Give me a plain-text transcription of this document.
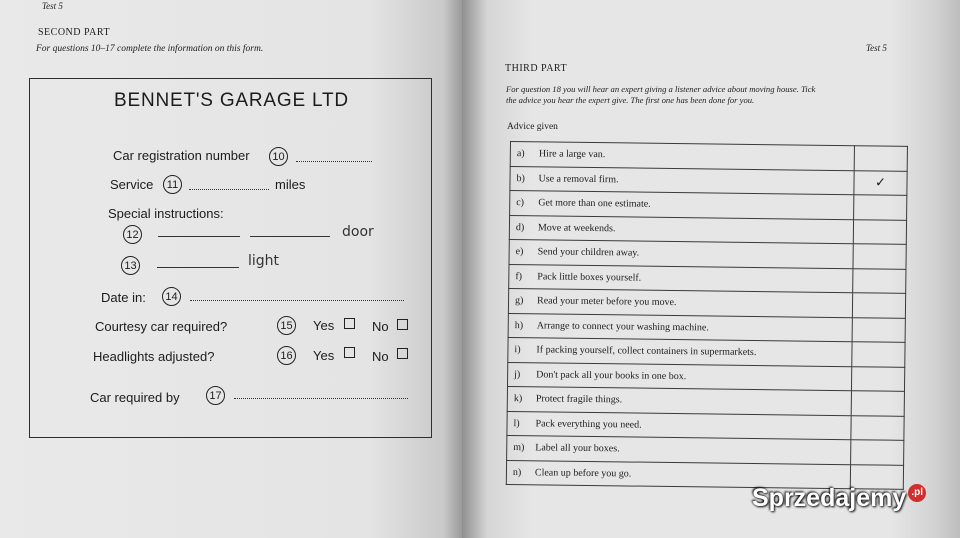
Test 5
SECOND PART
For questions 10–17 complete the information on this form.
BENNET'S GARAGE LTD
Car registration number	10
Service	11	miles
Special instructions:
12	door
13	light
Date in:	14
Courtesy car required?	15 Yes	No
Headlights adjusted?	16 Yes	No
Car required by	17
Test 5
THIRD PART
For question 18 you will hear an expert giving a listener advice about moving house. Tick
the advice you hear the expert give. The first one has been done for you.
Advice given
a) Hire a large van.	
b) Use a removal firm.	✓
c) Get more than one estimate.	
d) Move at weekends.	
e) Send your children away.	
f) Pack little boxes yourself.	
g) Read your meter before you move.	
h) Arrange to connect your washing machine.	
i) If packing yourself, collect containers in supermarkets.	
j) Don't pack all your books in one box.	
k) Protect fragile things.	
l) Pack everything you need.	
m) Label all your boxes.	
n) Clean up before you go.	
Sprzedajemy .pl
